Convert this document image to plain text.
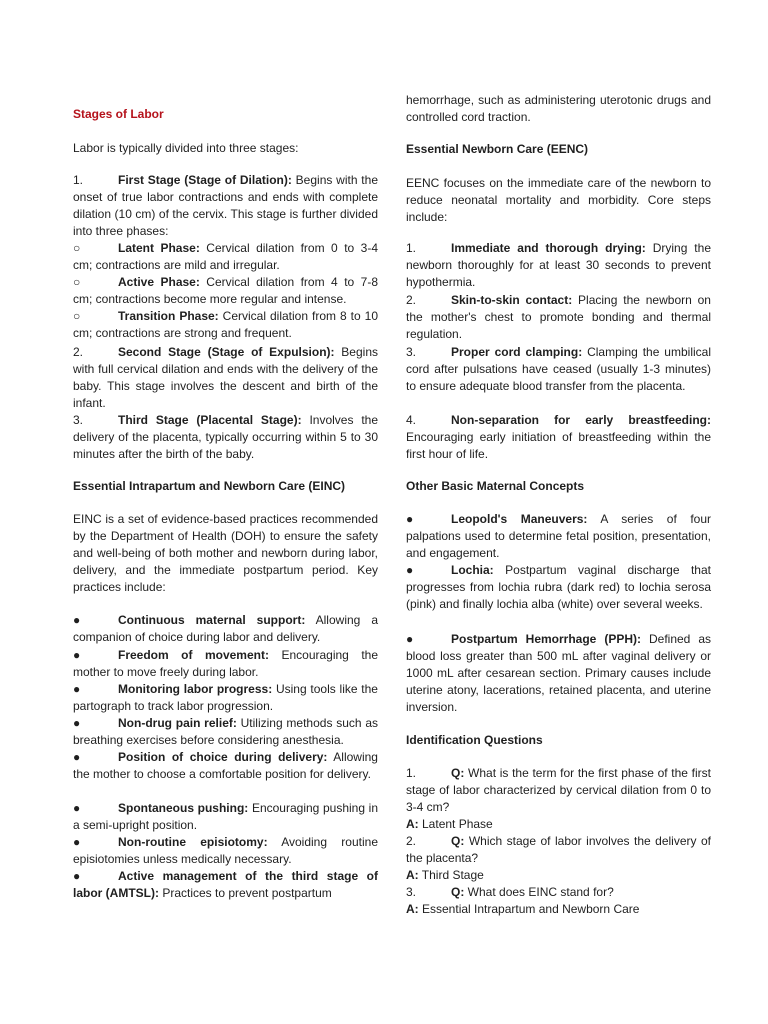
Stages of Labor

Labor is typically divided into three stages:

1.	First Stage (Stage of Dilation): Begins with the onset of true labor contractions and ends with complete dilation (10 cm) of the cervix. This stage is further divided into three phases:
○	Latent Phase: Cervical dilation from 0 to 3-4 cm; contractions are mild and irregular.
○	Active Phase: Cervical dilation from 4 to 7-8 cm; contractions become more regular and intense.
○	Transition Phase: Cervical dilation from 8 to 10 cm; contractions are strong and frequent.
2.	Second Stage (Stage of Expulsion): Begins with full cervical dilation and ends with the delivery of the baby. This stage involves the descent and birth of the infant.
3.	Third Stage (Placental Stage): Involves the delivery of the placenta, typically occurring within 5 to 30 minutes after the birth of the baby.
Essential Intrapartum and Newborn Care (EINC)

EINC is a set of evidence-based practices recommended by the Department of Health (DOH) to ensure the safety and well-being of both mother and newborn during labor, delivery, and the immediate postpartum period. Key practices include:

●	Continuous maternal support: Allowing a companion of choice during labor and delivery.
●	Freedom of movement: Encouraging the mother to move freely during labor.
●	Monitoring labor progress: Using tools like the partograph to track labor progression.
●	Non-drug pain relief: Utilizing methods such as breathing exercises before considering anesthesia.
●	Position of choice during delivery: Allowing the mother to choose a comfortable position for delivery.
●	Spontaneous pushing: Encouraging pushing in a semi-upright position.
●	Non-routine episiotomy: Avoiding routine episiotomies unless medically necessary.
●	Active management of the third stage of labor (AMTSL): Practices to prevent postpartum

hemorrhage, such as administering uterotonic drugs and controlled cord traction.

Essential Newborn Care (EENC)

EENC focuses on the immediate care of the newborn to reduce neonatal mortality and morbidity. Core steps include:

1.	Immediate and thorough drying: Drying the newborn thoroughly for at least 30 seconds to prevent hypothermia.
2.	Skin-to-skin contact: Placing the newborn on the mother's chest to promote bonding and thermal regulation.
3.	Proper cord clamping: Clamping the umbilical cord after pulsations have ceased (usually 1-3 minutes) to ensure adequate blood transfer from the placenta.
4.	Non-separation for early breastfeeding: Encouraging early initiation of breastfeeding within the first hour of life.
Other Basic Maternal Concepts
●	Leopold's Maneuvers: A series of four palpations used to determine fetal position, presentation, and engagement.
●	Lochia: Postpartum vaginal discharge that progresses from lochia rubra (dark red) to lochia serosa (pink) and finally lochia alba (white) over several weeks.
●	Postpartum Hemorrhage (PPH): Defined as blood loss greater than 500 mL after vaginal delivery or 1000 mL after cesarean section. Primary causes include uterine atony, lacerations, retained placenta, and uterine inversion.
Identification Questions
1.	Q: What is the term for the first phase of the first stage of labor characterized by cervical dilation from 0 to 3-4 cm?
A: Latent Phase
2.	Q: Which stage of labor involves the delivery of the placenta?
A: Third Stage
3.	Q: What does EINC stand for?
A: Essential Intrapartum and Newborn Care
